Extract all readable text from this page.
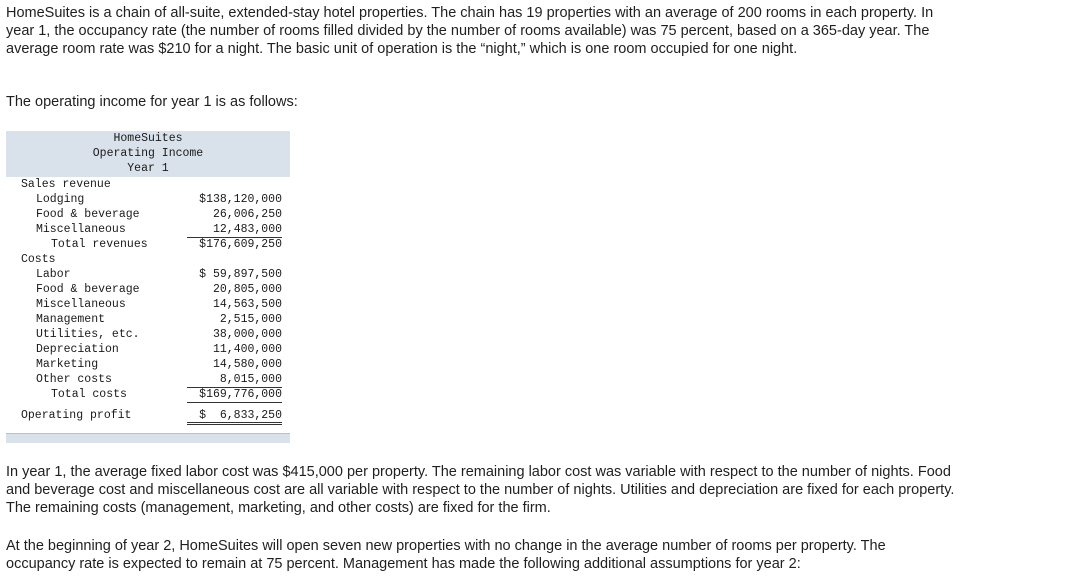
HomeSuites is a chain of all-suite, extended-stay hotel properties. The chain has 19 properties with an average of 200 rooms in each property. In year 1, the occupancy rate (the number of rooms filled divided by the number of rooms available) was 75 percent, based on a 365-day year. The average room rate was $210 for a night. The basic unit of operation is the “night,” which is one room occupied for one night.

The operating income for year 1 is as follows:

HomeSuites
Operating Income
Year 1
Sales revenue
Lodging	$138,120,000
Food & beverage	26,006,250
Miscellaneous	12,483,000
Total revenues	$176,609,250
Costs
Labor	$ 59,897,500
Food & beverage	20,805,000
Miscellaneous	14,563,500
Management	2,515,000
Utilities, etc.	38,000,000
Depreciation	11,400,000
Marketing	14,580,000
Other costs	8,015,000
Total costs	$169,776,000
Operating profit	$  6,833,250

In year 1, the average fixed labor cost was $415,000 per property. The remaining labor cost was variable with respect to the number of nights. Food and beverage cost and miscellaneous cost are all variable with respect to the number of nights. Utilities and depreciation are fixed for each property. The remaining costs (management, marketing, and other costs) are fixed for the firm.

At the beginning of year 2, HomeSuites will open seven new properties with no change in the average number of rooms per property. The occupancy rate is expected to remain at 75 percent. Management has made the following additional assumptions for year 2:
